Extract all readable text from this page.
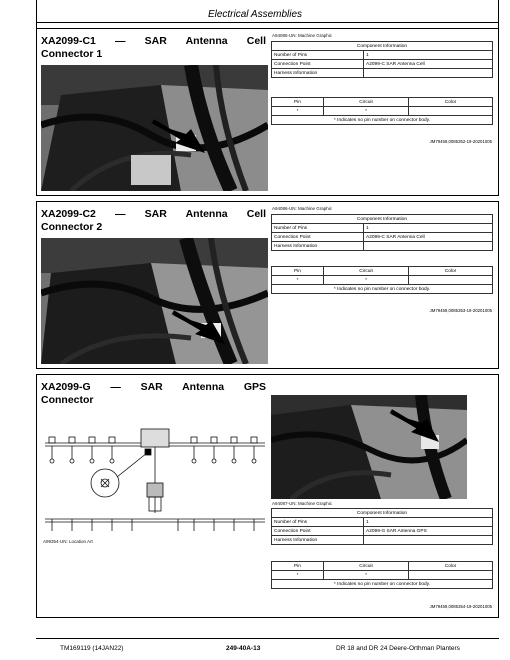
Electrical Assemblies
XA2099-C1 — SAR Antenna Cell
Connector 1
A94085-UN: Machine Graphic
Component Information	
Number of Pins	1
Connection Point	A2099-C SAR Antenna Cell
Harness Information	
Pin	Circuit	Color
*	*	
* Indicates no pin number on connector body.		
JM79459,0085352-19-20201005
XA2099-C2 — SAR Antenna Cell
Connector 2
A94086-UN: Machine Graphic
Component Information	
Number of Pins	1
Connection Point	A2099-C SAR Antenna Cell
Harness Information	
Pin	Circuit	Color
*	*	
* Indicates no pin number on connector body.		
JM79459,0085353-19-20201005
XA2099-G — SAR Antenna GPS
Connector
A99354-UN: Location Art
A94087-UN: Machine Graphic
Component Information	
Number of Pins	1
Connection Point	A2099-G SAR Antenna GPS
Harness Information	
Pin	Circuit	Color
*	*	
* Indicates no pin number on connector body.		
JM79459,0085354-19-20201005
TM169119 (14JAN22)	249-40A-13	DR 18 and DR 24 Deere-Orthman Planters
